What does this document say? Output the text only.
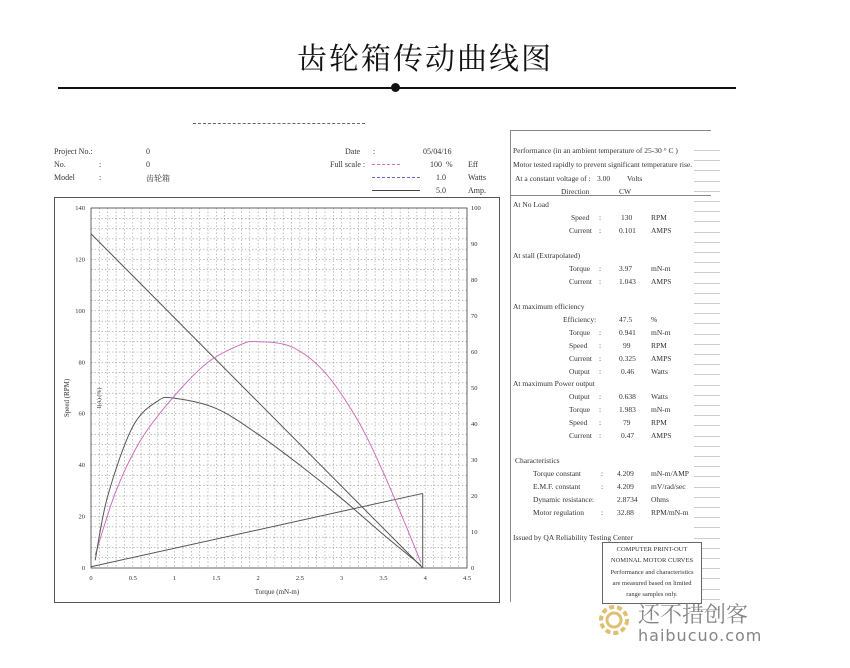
齿轮箱传动曲线图
Project No.:	0
No.	:	0
Model	:	齿轮箱
Date :	05/04/16
Full scale :	100 % Eff
1.0	Watts
5.0	Amp.
0	0.5	1	1.5	2	2.5	3	3.5	4	4.5
0
20
40
60
80
100
120
140
0
10
20
30
40
50
60
70
80
90
100
Torque (mN-m)
Speed (RPM)	I(A) (%)
Performance (in an ambient temperature of 25-30 ° C )
Motor tested rapidly to prevent significant temperature rise.
At a constant voltage of : 3.00 Volts
Direction	CW
At No Load
Speed :	130	RPM
Current : 0.101 AMPS
At stall (Extrapolated)
Torque : 3.97	mN-m
Current : 1.043 AMPS
At maximum efficiency
Efficiency:	47.5	%
Torque : 0.941 mN-m
Speed :	99	RPM
Current : 0.325 AMPS
Output :	0.46 Watts
At maximum Power output
Output : 0.638 Watts
Torque : 1.983 mN-m
Speed :	79	RPM
Current :	0.47 AMPS
Characteristics
Torque constant	: 4.209 mN-m/AMP
E.M.F. constant	: 4.209 mV/rad/sec
Dynamic resistance:	2.8734 Ohms
Motor regulation : 32.88 RPM/mN-m
Issued by QA Reliability Testing Center
COMPUTER PRINT-OUT
NOMINAL MOTOR CURVES
Performance and characteristics
are measured based on limited
range samples only.
还不措创客
haibucuo.com
